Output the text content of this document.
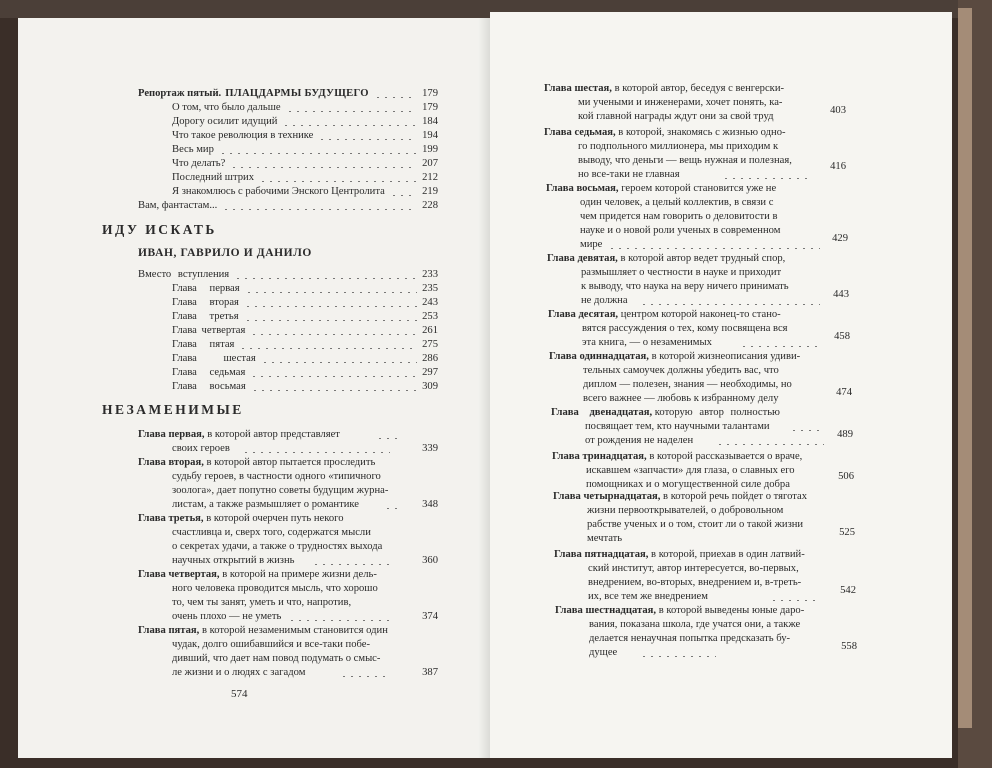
Репортаж пятый. ПЛАЦДАРМЫ БУДУЩЕГО	179
О том, что было дальше	179
Дорогу осилит идущий	184
Что такое революция в технике	194
Весь мир	199
Что делать?	207
Последний штрих	212
Я знакомлюсь с рабочими Энского Центролита	219
Вам, фантастам...	228
ИДУ ИСКАТЬ
ИВАН, ГАВРИЛО И ДАНИЛО
Вместо вступления	233
Глава первая	235
Глава вторая	243
Глава третья	253
Глава четвертая	261
Глава пятая	275
Глава шестая	286
Глава седьмая	297
Глава восьмая	309
НЕЗАМЕНИМЫЕ
Глава первая, в которой автор представляет
своих героев	339
Глава вторая, в которой автор пытается проследить
судьбу героев, в частности одного «типичного
зоолога», дает попутно советы будущим журна-
листам, а также размышляет о романтике	348
Глава третья, в которой очерчен путь некого
счастливца и, сверх того, содержатся мысли
о секретах удачи, а также о трудностях выхода
научных открытий в жизнь	360
Глава четвертая, в которой на примере жизни дель-
ного человека проводится мысль, что хорошо
то, чем ты занят, уметь и что, напротив,
очень плохо — не уметь	374
Глава пятая, в которой незаменимым становится один
чудак, долго ошибавшийся и все-таки побе-
дивший, что дает нам повод подумать о смыс-
ле жизни и о людях с загадом	387
574
Глава шестая, в которой автор, беседуя с венгерски-
ми учеными и инженерами, хочет понять, ка-
кой главной награды ждут они за свой труд
403
Глава седьмая, в которой, знакомясь с жизнью одно-
го подпольного миллионера, мы приходим к
выводу, что деньги — вещь нужная и полезная,
но все-таки не главная
416
Глава восьмая, героем которой становится уже не
один человек, а целый коллектив, в связи с
чем придется нам говорить о деловитости в
науке и о новой роли ученых в современном
мире
429
Глава девятая, в которой автор ведет трудный спор,
размышляет о честности в науке и приходит
к выводу, что наука на веру ничего принимать
не должна
443
Глава десятая, центром которой наконец-то стано-
вятся рассуждения о тех, кому посвящена вся
эта книга, — о незаменимых
458
Глава одиннадцатая, в которой жизнеописания удиви-
тельных самоучек должны убедить вас, что
диплом — полезен, знания — необходимы, но
всего важнее — любовь к избранному делу
474
Глава двенадцатая, которую автор полностью
посвящает тем, кто научными талантами
от рождения не наделен
489
Глава тринадцатая, в которой рассказывается о враче,
искавшем «запчасти» для глаза, о славных его
помощниках и о могущественной силе добра
506
Глава четырнадцатая, в которой речь пойдет о тяготах
жизни первооткрывателей, о добровольном
рабстве ученых и о том, стоит ли о такой жизни
мечтать
525
Глава пятнадцатая, в которой, приехав в один латвий-
ский институт, автор интересуется, во-первых,
внедрением, во-вторых, внедрением и, в-треть-
их, все тем же внедрением
542
Глава шестнадцатая, в которой выведены юные даро-
вания, показана школа, где учатся они, а также
делается ненаучная попытка предсказать бу-
дущее
558
